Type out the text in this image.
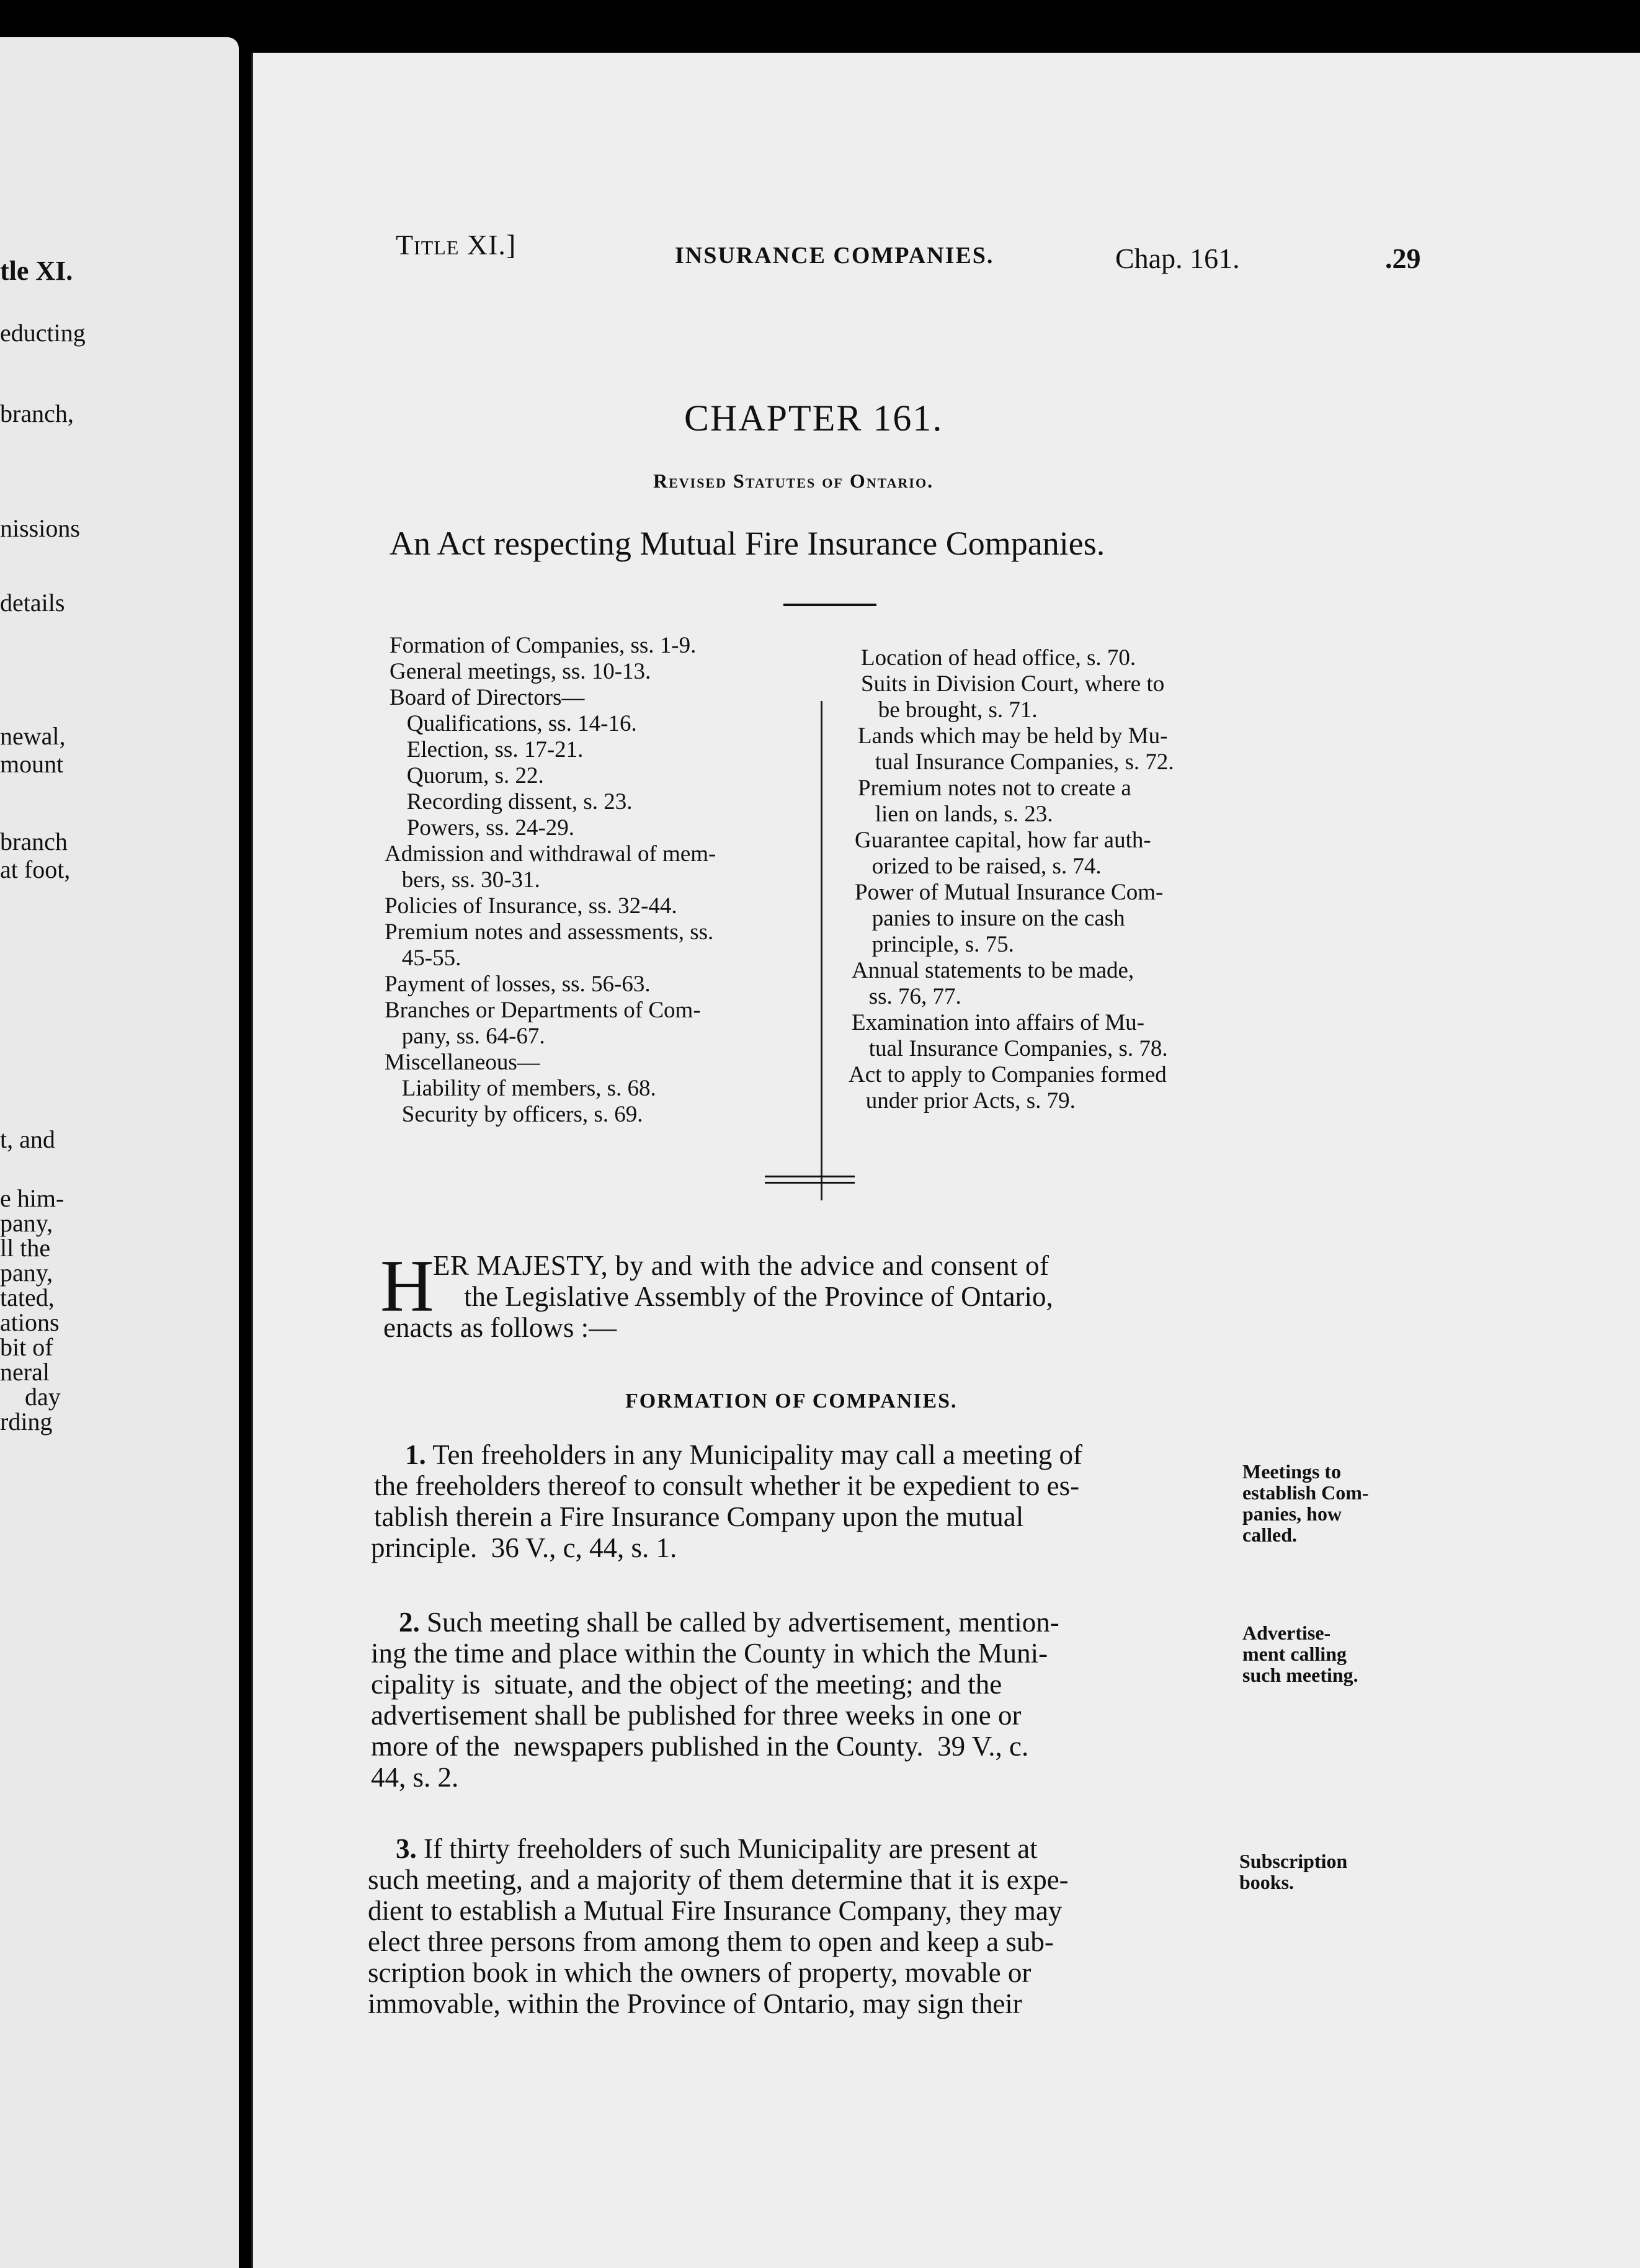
tle XI.
educting
branch,
nissions
details
newal,
mount
branch
at foot,
t, and
e him-
pany,
ll the
pany,
tated,
ations
bit of
neral
day
rding
Title XI.]	INSURANCE COMPANIES.	Chap. 161.	.29
CHAPTER 161.
Revised Statutes of Ontario.
An Act respecting Mutual Fire Insurance Companies.
Formation of Companies, ss. 1-9.
General meetings, ss. 10-13.
Board of Directors—
Qualifications, ss. 14-16.
Election, ss. 17-21.
Quorum, s. 22.
Recording dissent, s. 23.
Powers, ss. 24-29.
Admission and withdrawal of mem-
bers, ss. 30-31.
Policies of Insurance, ss. 32-44.
Premium notes and assessments, ss.
45-55.
Payment of losses, ss. 56-63.
Branches or Departments of Com-
pany, ss. 64-67.
Miscellaneous—
Liability of members, s. 68.
Security by officers, s. 69.
Location of head office, s. 70.
Suits in Division Court, where to
be brought, s. 71.
Lands which may be held by Mu-
tual Insurance Companies, s. 72.
Premium notes not to create a
lien on lands, s. 23.
Guarantee capital, how far auth-
orized to be raised, s. 74.
Power of Mutual Insurance Com-
panies to insure on the cash
principle, s. 75.
Annual statements to be made,
ss. 76, 77.
Examination into affairs of Mu-
tual Insurance Companies, s. 78.
Act to apply to Companies formed
under prior Acts, s. 79.
H
ER MAJESTY, by and with the advice and consent of
the Legislative Assembly of the Province of Ontario,
enacts as follows :—
FORMATION OF COMPANIES.
1. Ten freeholders in any Municipality may call a meeting of
the freeholders thereof to consult whether it be expedient to es-
tablish therein a Fire Insurance Company upon the mutual
principle.  36 V., c, 44, s. 1.
Meetings to
establish Com-
panies, how
called.
2. Such meeting shall be called by advertisement, mention-
ing the time and place within the County in which the Muni-
cipality is  situate, and the object of the meeting; and the
advertisement shall be published for three weeks in one or
more of the  newspapers published in the County.  39 V., c.
44, s. 2.
Advertise-
ment calling
such meeting.
3. If thirty freeholders of such Municipality are present at
such meeting, and a majority of them determine that it is expe-
dient to establish a Mutual Fire Insurance Company, they may
elect three persons from among them to open and keep a sub-
scription book in which the owners of property, movable or
immovable, within the Province of Ontario, may sign their
Subscription
books.
